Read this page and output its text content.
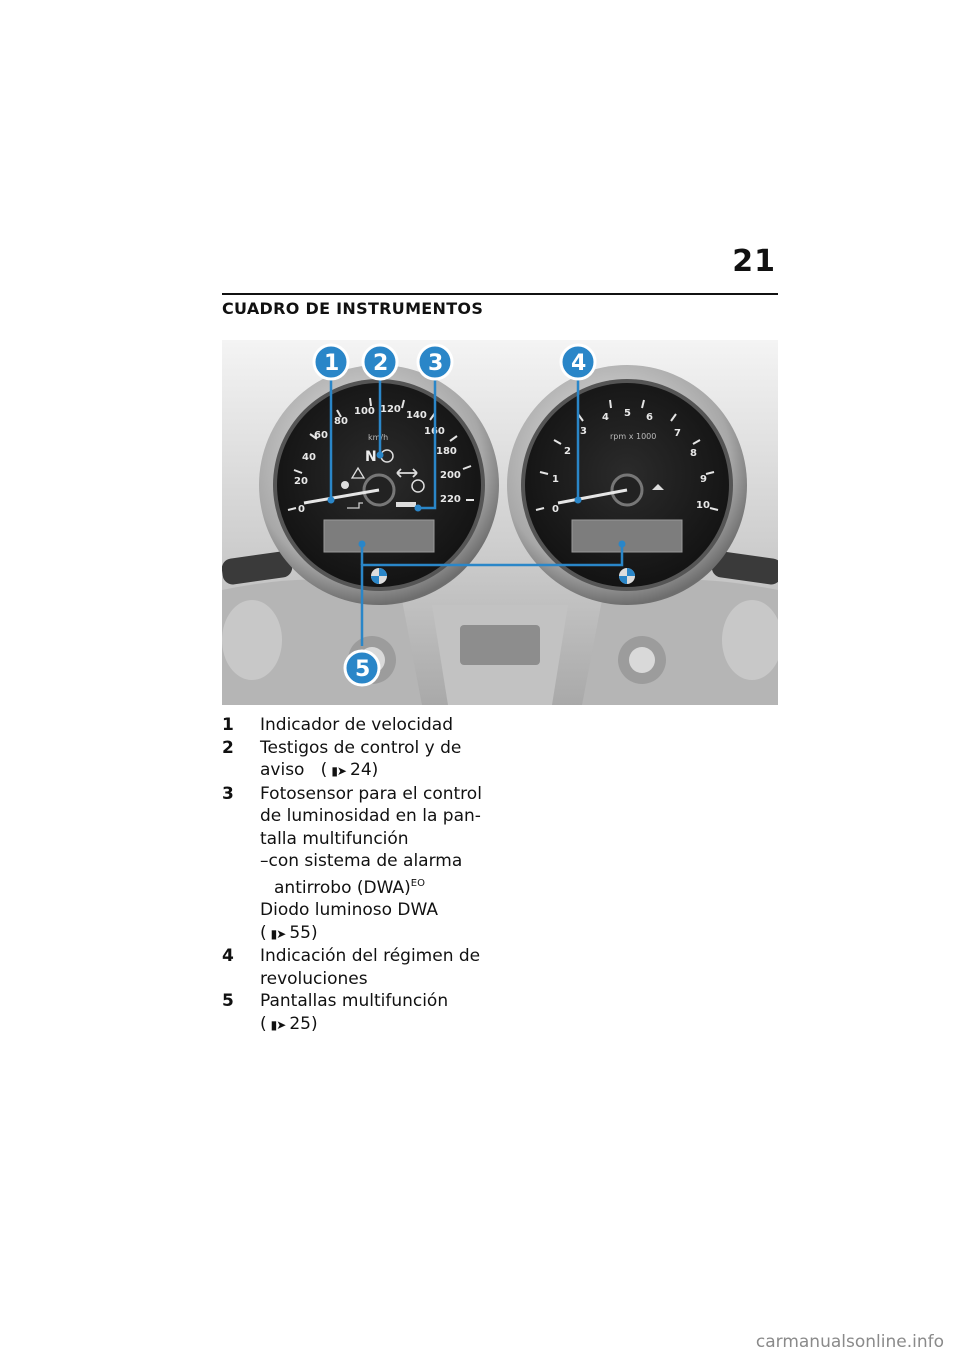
21
CUADRO DE INSTRUMENTOS
0
20
40
60
80
100 120
140
160
180
200
220
km/h
N
0
1
2
3
4 5 6
7
8
9
10
rpm x 1000
1 2 3	4
5
1	Indicador de velocidad
2	Testigos de control y de
aviso   ( ▮➤ 24)
3	Fotosensor para el control
de luminosidad en la pan-
talla multifunción
–con sistema de alarma
antirrobo (DWA)$^{EO}$
Diodo luminoso DWA
( ▮➤ 55)
4	Indicación del régimen de
revoluciones
5	Pantallas multifunción
( ▮➤ 25)
carmanualsonline.info
